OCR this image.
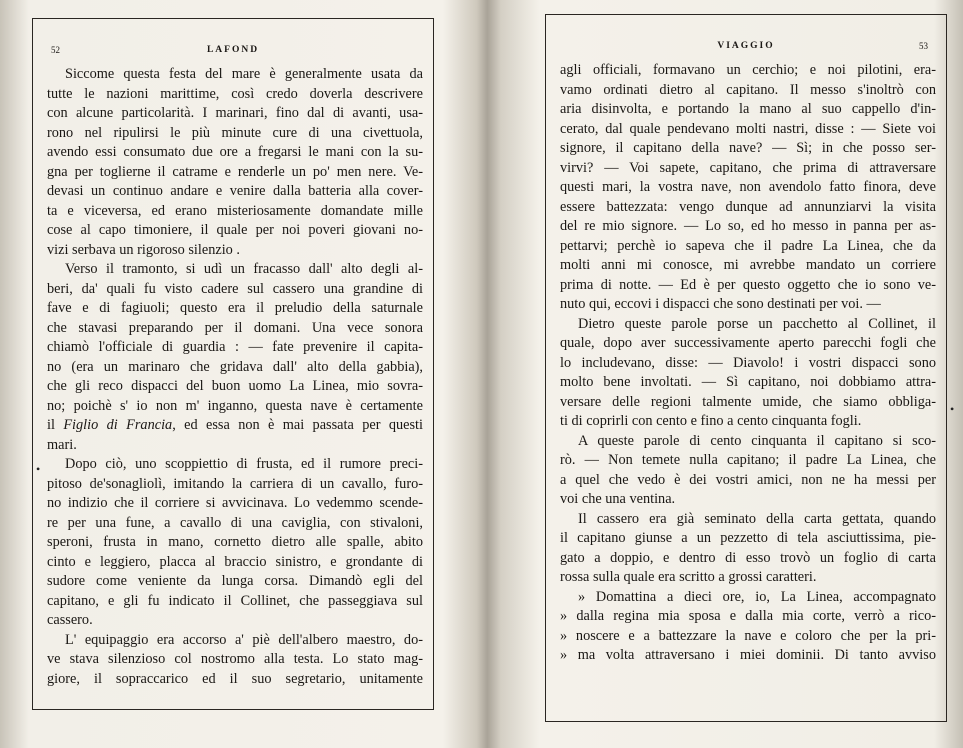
52	LAFOND
Siccome questa festa del mare è generalmente usata da
tutte le nazioni marittime, così credo doverla descrivere
con alcune particolarità. I marinari, fino dal di avanti, usa-
rono nel ripulirsi le più minute cure di una civettuola,
avendo essi consumato due ore a fregarsi le mani con la su-
gna per toglierne il catrame e renderle un po' men nere. Ve-
devasi un continuo andare e venire dalla batteria alla cover-
ta e viceversa, ed erano misteriosamente domandate mille
cose al capo timoniere, il quale per noi poveri giovani no-
vizi serbava un rigoroso silenzio .
Verso il tramonto, si udì un fracasso dall' alto degli al-
beri, da' quali fu visto cadere sul cassero una grandine di
fave e di fagiuoli; questo era il preludio della saturnale
che stavasi preparando per il domani. Una vece sonora
chiamò l'officiale di guardia : — fate prevenire il capita-
no (era un marinaro che gridava dall' alto della gabbia),
che gli reco dispacci del buon uomo La Linea, mio sovra-
no; poichè s' io non m' inganno, questa nave è certamente
il Figlio di Francia, ed essa non è mai passata per questi
mari.
Dopo ciò, uno scoppiettio di frusta, ed il rumore preci-
pitoso de'sonagliolì, imitando la carriera di un cavallo, furo-
no indizio che il corriere si avvicinava. Lo vedemmo scende-
re per una fune, a cavallo di una caviglia, con stivaloni,
speroni, frusta in mano, cornetto dietro alle spalle, abito
cinto e leggiero, placca al braccio sinistro, e grondante di
sudore come veniente da lunga corsa. Dimandò egli del
capitano, e gli fu indicato il Collinet, che passeggiava sul
cassero.
L' equipaggio era accorso a' piè dell'albero maestro, do-
ve stava silenzioso col nostromo alla testa. Lo stato mag-
giore, il sopraccarico ed il suo segretario, unitamente
•
VIAGGIO	53
agli officiali, formavano un cerchio; e noi pilotini, era-
vamo ordinati dietro al capitano. Il messo s'inoltrò con
aria disinvolta, e portando la mano al suo cappello d'in-
cerato, dal quale pendevano molti nastri, disse : — Siete voi
signore, il capitano della nave? — Sì; in che posso ser-
virvi? — Voi sapete, capitano, che prima di attraversare
questi mari, la vostra nave, non avendolo fatto finora, deve
essere battezzata: vengo dunque ad annunziarvi la visita
del re mio signore. — Lo so, ed ho messo in panna per as-
pettarvi; perchè io sapeva che il padre La Linea, che da
molti anni mi conosce, mi avrebbe mandato un corriere
prima di notte. — Ed è per questo oggetto che io sono ve-
nuto qui, eccovi i dispacci che sono destinati per voi. —
Dietro queste parole porse un pacchetto al Collinet, il
quale, dopo aver successivamente aperto parecchi fogli che
lo includevano, disse: — Diavolo! i vostri dispacci sono
molto bene involtati. — Sì capitano, noi dobbiamo attra-
versare delle regioni talmente umide, che siamo obbliga-
ti di coprirli con cento e fino a cento cinquanta fogli.
A queste parole di cento cinquanta il capitano si sco-
rò. — Non temete nulla capitano; il padre La Linea, che
a quel che vedo è dei vostri amici, non ne ha messi per
voi che una ventina.
Il cassero era già seminato della carta gettata, quando
il capitano giunse a un pezzetto di tela asciuttissima, pie-
gato a doppio, e dentro di esso trovò un foglio di carta
rossa sulla quale era scritto a grossi caratteri.
» Domattina a dieci ore, io, La Linea, accompagnato
» dalla regina mia sposa e dalla mia corte, verrò a rico-
» noscere e a battezzare la nave e coloro che per la pri-
» ma volta attraversano i miei dominii. Di tanto avviso
•
